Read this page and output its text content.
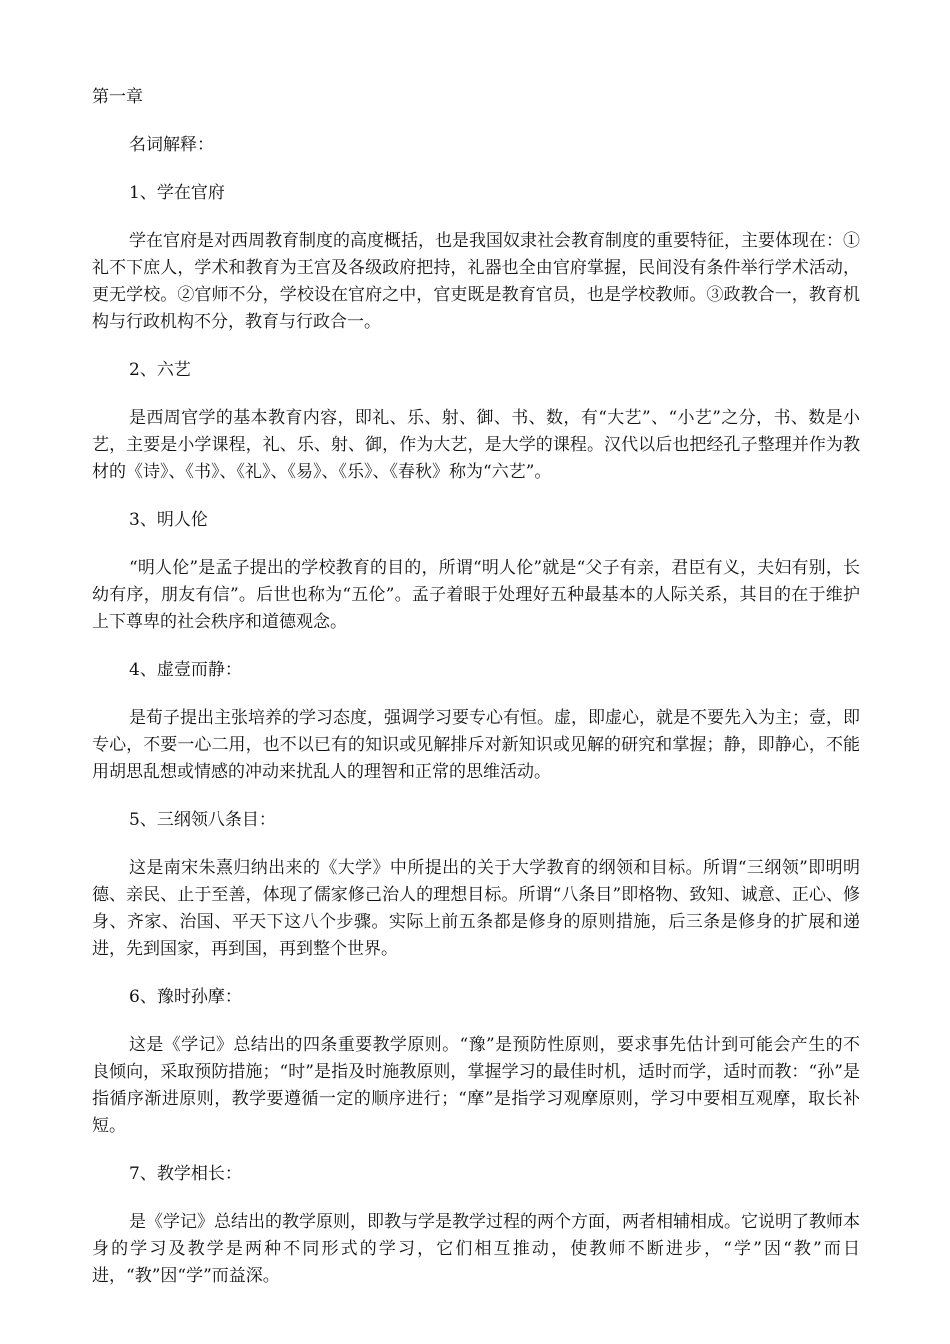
第一章
名词解释：
1、学在官府
学在官府是对西周教育制度的高度概括，也是我国奴隶社会教育制度的重要特征，主要体现在：①礼不下庶人，学术和教育为王宫及各级政府把持，礼器也全由官府掌握，民间没有条件举行学术活动，更无学校。②官师不分，学校设在官府之中，官吏既是教育官员，也是学校教师。③政教合一，教育机构与行政机构不分，教育与行政合一。
2、六艺
是西周官学的基本教育内容，即礼、乐、射、御、书、数，有“大艺”、“小艺”之分，书、数是小艺，主要是小学课程，礼、乐、射、御，作为大艺，是大学的课程。汉代以后也把经孔子整理并作为教材的《诗》、《书》、《礼》、《易》、《乐》、《春秋》称为“六艺”。
3、明人伦
“明人伦”是孟子提出的学校教育的目的，所谓“明人伦”就是“父子有亲，君臣有义，夫妇有别，长幼有序，朋友有信”。后世也称为“五伦”。孟子着眼于处理好五种最基本的人际关系，其目的在于维护上下尊卑的社会秩序和道德观念。
4、虚壹而静：
是荀子提出主张培养的学习态度，强调学习要专心有恒。虚，即虚心，就是不要先入为主；壹，即专心，不要一心二用，也不以已有的知识或见解排斥对新知识或见解的研究和掌握；静，即静心，不能用胡思乱想或情感的冲动来扰乱人的理智和正常的思维活动。
5、三纲领八条目：
这是南宋朱熹归纳出来的《大学》中所提出的关于大学教育的纲领和目标。所谓“三纲领”即明明德、亲民、止于至善，体现了儒家修己治人的理想目标。所谓“八条目”即格物、致知、诚意、正心、修身、齐家、治国、平天下这八个步骤。实际上前五条都是修身的原则措施，后三条是修身的扩展和递进，先到国家，再到国，再到整个世界。
6、豫时孙摩：
这是《学记》总结出的四条重要教学原则。“豫”是预防性原则，要求事先估计到可能会产生的不良倾向，采取预防措施；“时”是指及时施教原则，掌握学习的最佳时机，适时而学，适时而教：“孙”是指循序渐进原则，教学要遵循一定的顺序进行；“摩”是指学习观摩原则，学习中要相互观摩，取长补短。
7、教学相长：
是《学记》总结出的教学原则，即教与学是教学过程的两个方面，两者相辅相成。它说明了教师本身的学习及教学是两种不同形式的学习，它们相互推动，使教师不断进步，“学”因“教”而日进，“教”因“学”而益深。
